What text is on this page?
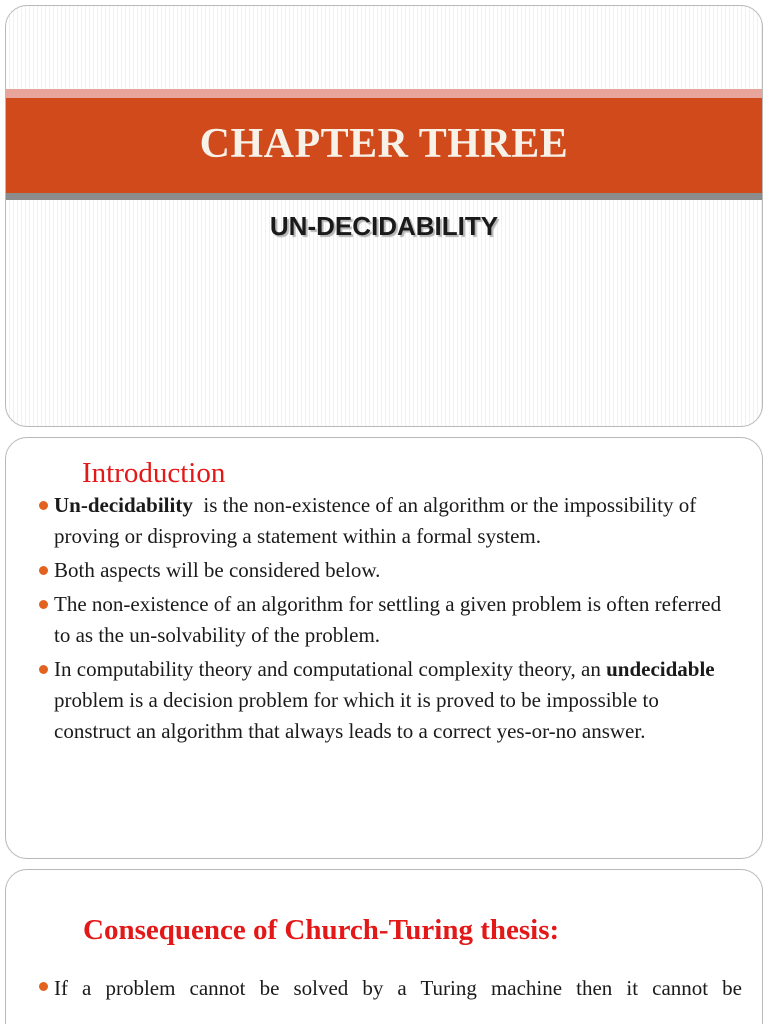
CHAPTER THREE
UN-DECIDABILITY
Introduction
Un-decidability  is the non-existence of an algorithm or the impossibility of proving or disproving a statement within a formal system.
Both aspects will be considered below.
The non-existence of an algorithm for settling a given problem is often referred to as the un-solvability of the problem.
In computability theory and computational complexity theory, an undecidable problem is a decision problem for which it is proved to be impossible to construct an algorithm that always leads to a correct yes-or-no answer.
Consequence of Church-Turing thesis:
If a problem cannot be solved by a Turing machine then it cannot be
